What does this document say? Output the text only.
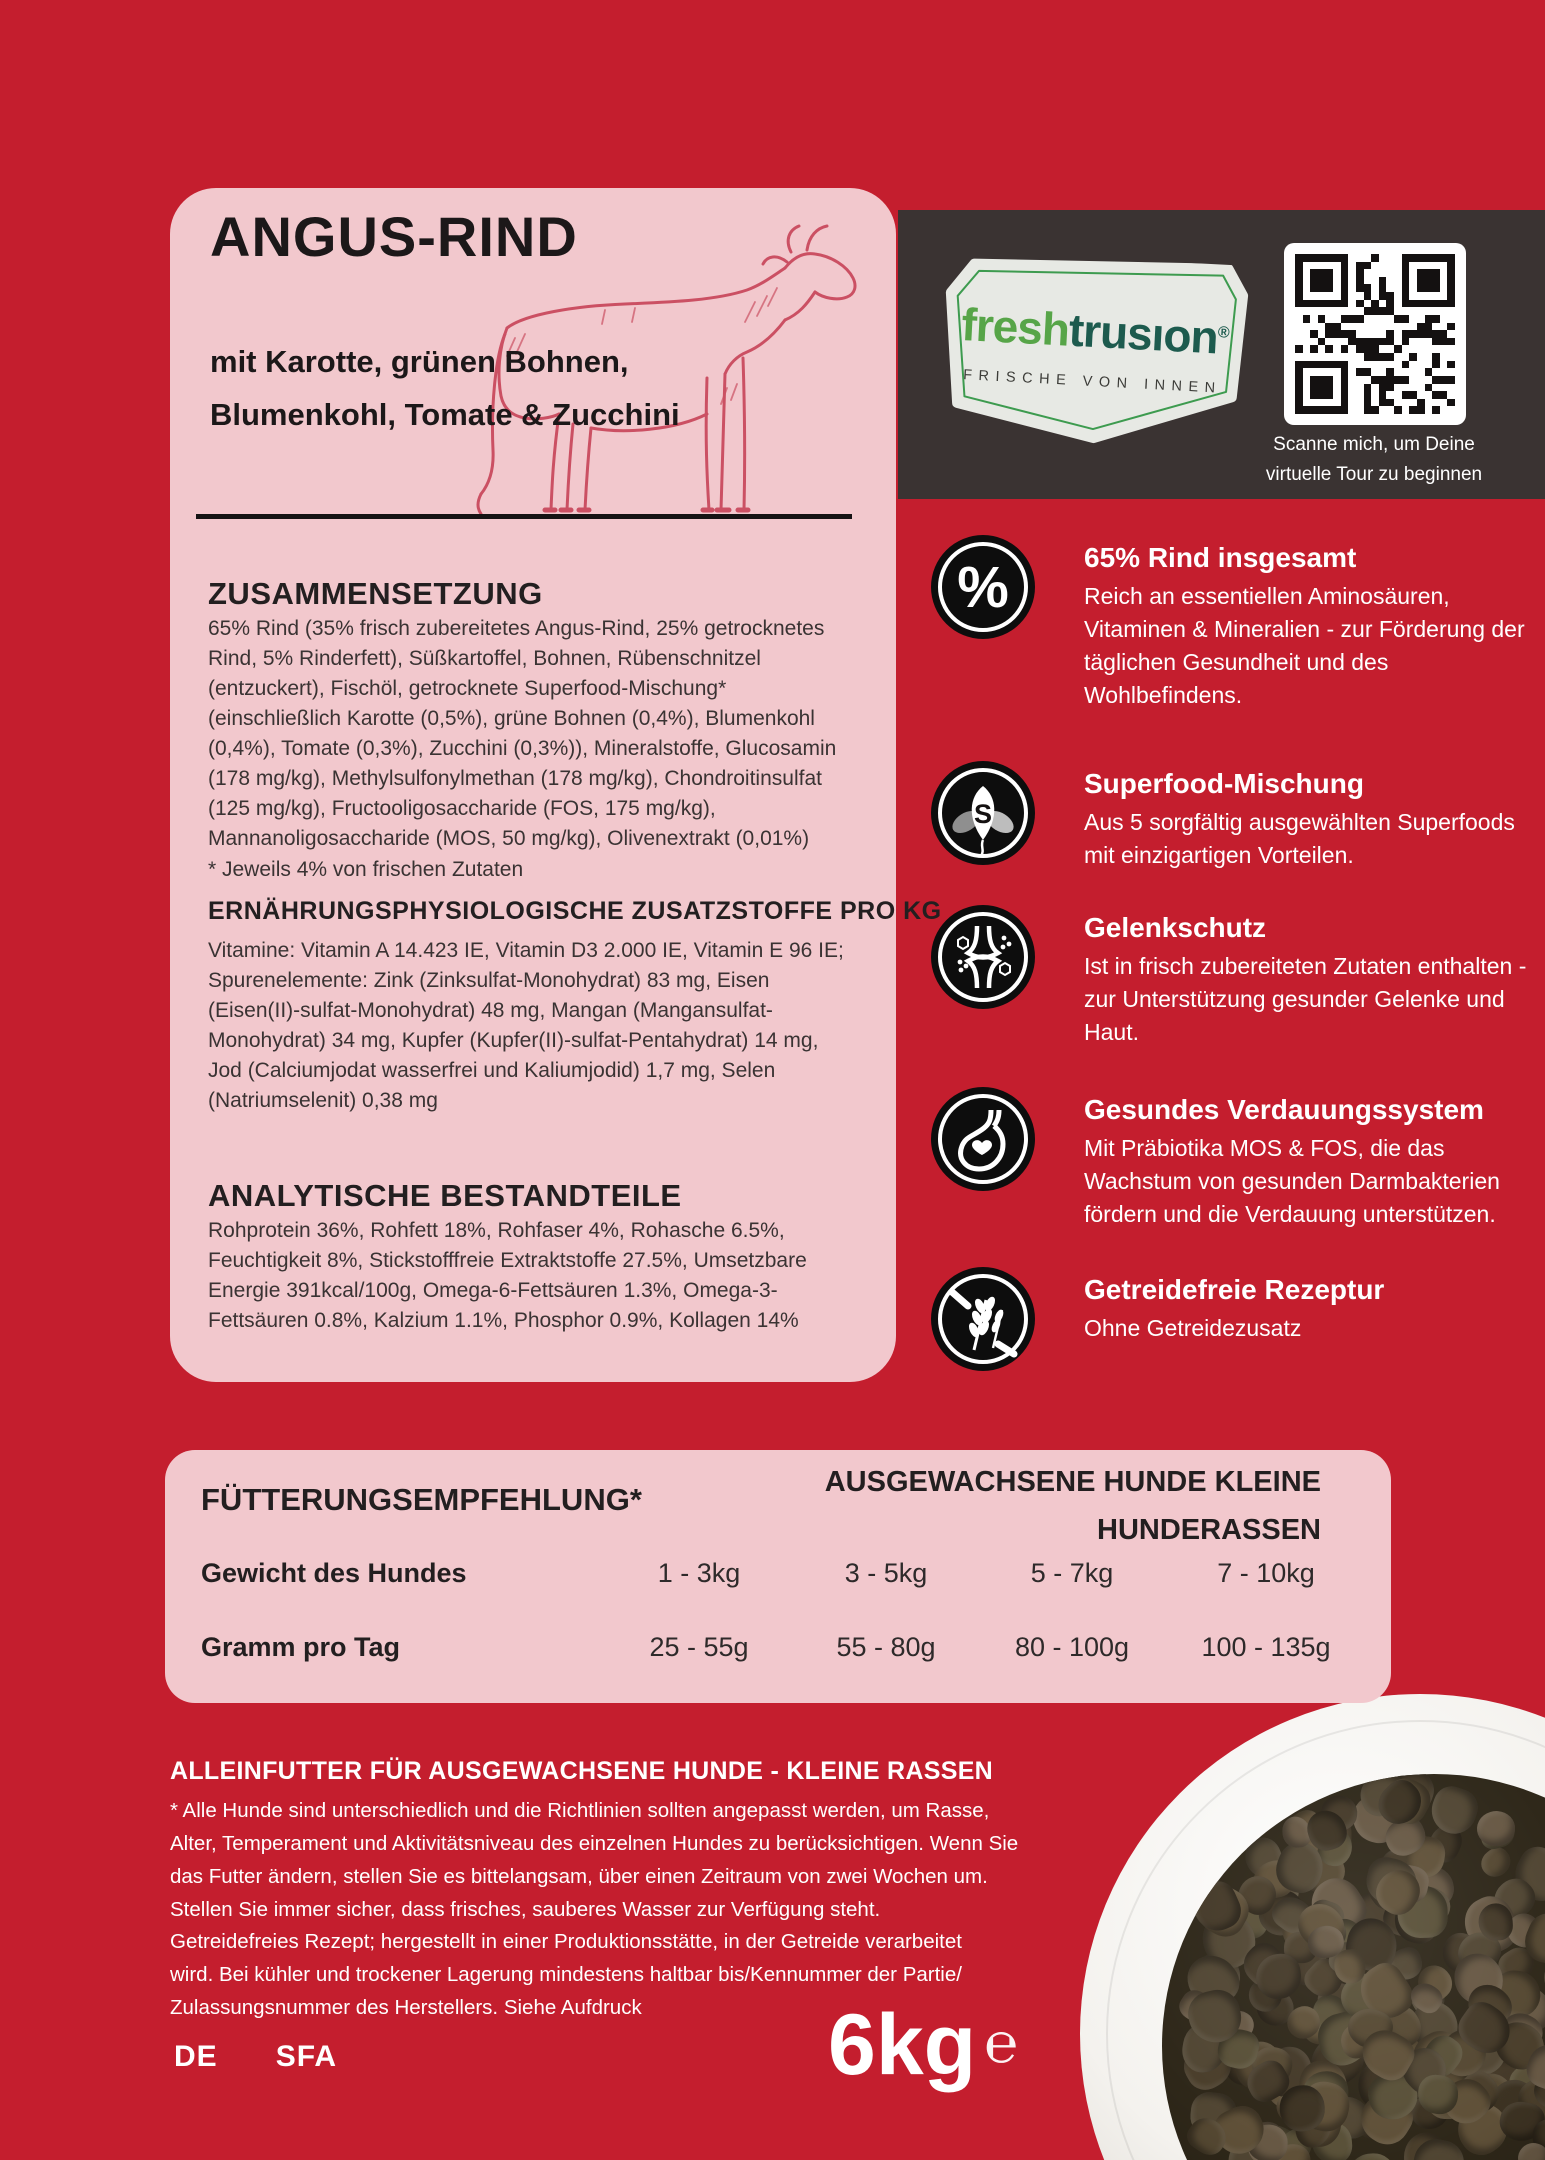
ANGUS-RIND
mit Karotte, grünen Bohnen,
Blumenkohl, Tomate & Zucchini
ZUSAMMENSETZUNG
65% Rind (35% frisch zubereitetes Angus-Rind, 25% getrocknetes Rind, 5% Rinderfett), Süßkartoffel, Bohnen, Rübenschnitzel (entzuckert), Fischöl, getrocknete Superfood-Mischung* (einschließlich Karotte (0,5%), grüne Bohnen (0,4%), Blumenkohl (0,4%), Tomate (0,3%), Zucchini (0,3%)), Mineralstoffe, Glucosamin (178 mg/kg), Methylsulfonylmethan (178 mg/kg), Chondroitinsulfat (125 mg/kg), Fructooligosaccharide (FOS, 175 mg/kg), Mannanoligosaccharide (MOS, 50 mg/kg), Olivenextrakt (0,01%)
* Jeweils 4% von frischen Zutaten
ERNÄHRUNGSPHYSIOLOGISCHE ZUSATZSTOFFE PRO KG
Vitamine: Vitamin A 14.423 IE, Vitamin D3 2.000 IE, Vitamin E 96 IE; Spurenelemente: Zink (Zinksulfat-Monohydrat) 83 mg, Eisen (Eisen(II)-sulfat-Monohydrat) 48 mg, Mangan (Mangansulfat-Monohydrat) 34 mg, Kupfer (Kupfer(II)-sulfat-Pentahydrat) 14 mg, Jod (Calciumjodat wasserfrei und Kaliumjodid) 1,7 mg, Selen (Natriumselenit) 0,38 mg
ANALYTISCHE BESTANDTEILE
Rohprotein 36%, Rohfett 18%, Rohfaser 4%, Rohasche 6.5%, Feuchtigkeit 8%, Stickstofffreie Extraktstoffe 27.5%, Umsetzbare Energie 391kcal/100g, Omega-6-Fettsäuren 1.3%, Omega-3-Fettsäuren 0.8%, Kalzium 1.1%, Phosphor 0.9%, Kollagen 14%
freshtrusıon®
FRISCHE VON INNEN
Scanne mich, um Deine
virtuelle Tour zu beginnen
%	65% Rind insgesamt
Reich an essentiellen Aminosäuren, Vitaminen & Mineralien - zur Förderung der täglichen Gesundheit und des Wohlbefindens.
S
Superfood-Mischung
Aus 5 sorgfältig ausgewählten Superfoods mit einzigartigen Vorteilen.
Gelenkschutz
Ist in frisch zubereiteten Zutaten enthalten - zur Unterstützung gesunder Gelenke und Haut.
Gesundes Verdauungssystem
Mit Präbiotika MOS & FOS, die das Wachstum von gesunden Darmbakterien fördern und die Verdauung unterstützen.
Getreidefreie Rezeptur
Ohne Getreidezusatz
FÜTTERUNGSEMPFEHLUNG*	AUSGEWACHSENE HUNDE KLEINE
HUNDERASSEN
Gewicht des Hundes	1 - 3kg	3 - 5kg	5 - 7kg	7 - 10kg
Gramm pro Tag	25 - 55g	55 - 80g	80 - 100g	100 - 135g
ALLEINFUTTER FÜR AUSGEWACHSENE HUNDE - KLEINE RASSEN
* Alle Hunde sind unterschiedlich und die Richtlinien sollten angepasst werden, um Rasse, Alter, Temperament und Aktivitätsniveau des einzelnen Hundes zu berücksichtigen. Wenn Sie das Futter ändern, stellen Sie es bittelangsam, über einen Zeitraum von zwei Wochen um. Stellen Sie immer sicher, dass frisches, sauberes Wasser zur Verfügung steht.
Getreidefreies Rezept; hergestellt in einer Produktionsstätte, in der Getreide verarbeitet wird. Bei kühler und trockener Lagerung mindestens haltbar bis/Kennummer der Partie/ Zulassungsnummer des Herstellers. Siehe Aufdruck	6kg ℮
DE SFA
